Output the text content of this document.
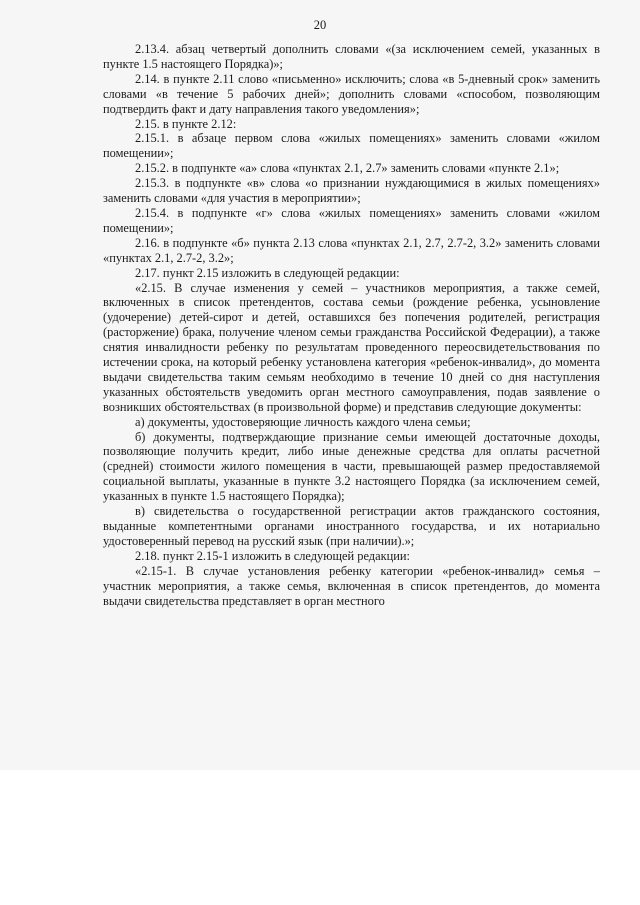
20

2.13.4. абзац четвертый дополнить словами «(за исключением семей, указанных в пункте 1.5 настоящего Порядка)»;

2.14. в пункте 2.11 слово «письменно» исключить; слова «в 5-дневный срок» заменить словами «в течение 5 рабочих дней»; дополнить словами «способом, позволяющим подтвердить факт и дату направления такого уведомления»;

2.15. в пункте 2.12:

2.15.1. в абзаце первом слова «жилых помещениях» заменить словами «жилом помещении»;

2.15.2. в подпункте «а» слова «пунктах 2.1, 2.7» заменить словами «пункте 2.1»;

2.15.3. в подпункте «в» слова «о признании нуждающимися в жилых помещениях» заменить словами «для участия в мероприятии»;

2.15.4. в подпункте «г» слова «жилых помещениях» заменить словами «жилом помещении»;

2.16. в подпункте «б» пункта 2.13 слова «пунктах 2.1, 2.7, 2.7-2, 3.2» заменить словами «пунктах 2.1, 2.7-2, 3.2»;

2.17. пункт 2.15 изложить в следующей редакции:

«2.15. В случае изменения у семей – участников мероприятия, а также семей, включенных в список претендентов, состава семьи (рождение ребенка, усыновление (удочерение) детей-сирот и детей, оставшихся без попечения родителей, регистрация (расторжение) брака, получение членом семьи гражданства Российской Федерации), а также снятия инвалидности ребенку по результатам проведенного переосвидетельствования по истечении срока, на который ребенку установлена категория «ребенок-инвалид», до момента выдачи свидетельства таким семьям необходимо в течение 10 дней со дня наступления указанных обстоятельств уведомить орган местного самоуправления, подав заявление о возникших обстоятельствах (в произвольной форме) и представив следующие документы:

а) документы, удостоверяющие личность каждого члена семьи;

б) документы, подтверждающие признание семьи имеющей достаточные доходы, позволяющие получить кредит, либо иные денежные средства для оплаты расчетной (средней) стоимости жилого помещения в части, превышающей размер предоставляемой социальной выплаты, указанные в пункте 3.2 настоящего Порядка (за исключением семей, указанных в пункте 1.5 настоящего Порядка);

в) свидетельства о государственной регистрации актов гражданского состояния, выданные компетентными органами иностранного государства, и их нотариально удостоверенный перевод на русский язык (при наличии).»;

2.18. пункт 2.15-1 изложить в следующей редакции:

«2.15-1. В случае установления ребенку категории «ребенок-инвалид» семья – участник мероприятия, а также семья, включенная в список претендентов, до момента выдачи свидетельства представляет в орган местного
